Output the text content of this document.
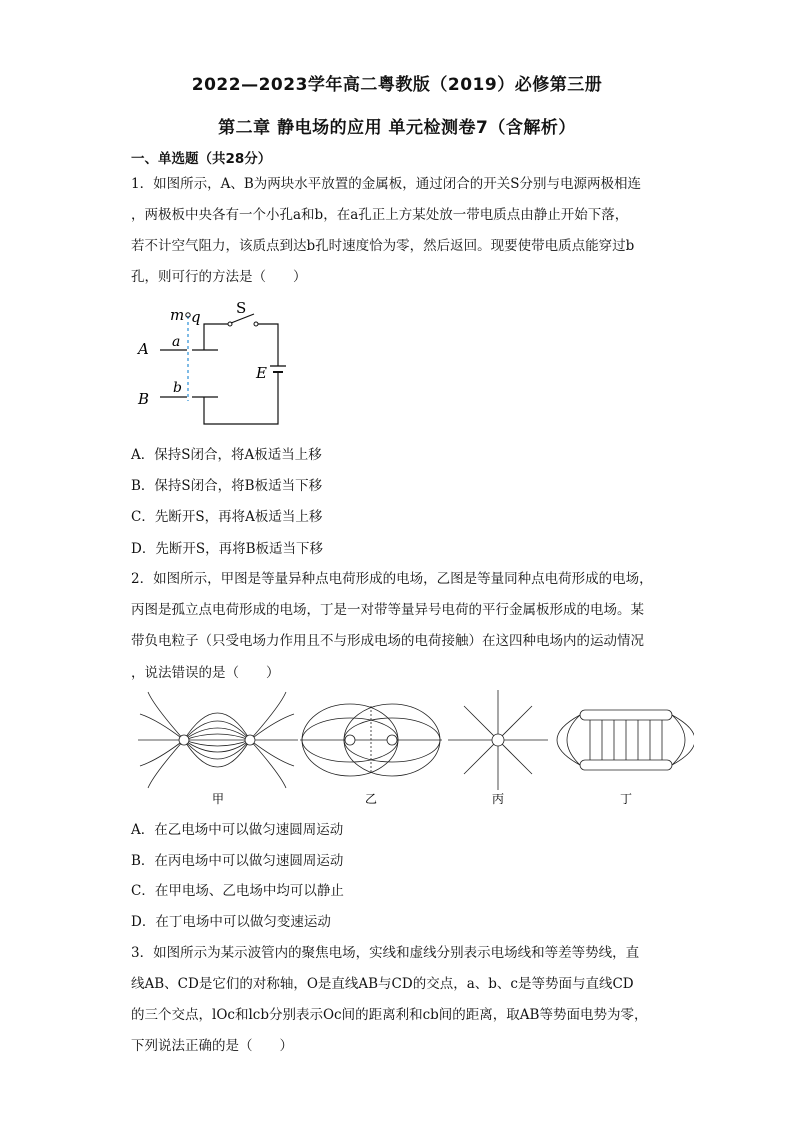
2022—2023学年高二粤教版（2019）必修第三册
第二章 静电场的应用 单元检测卷7（含解析）
一、单选题（共28分）
1．如图所示，A、B为两块水平放置的金属板，通过闭合的开关S分别与电源两极相连
，两极板中央各有一个小孔a和b，在a孔正上方某处放一带电质点由静止开始下落，
若不计空气阻力，该质点到达b孔时速度恰为零，然后返回。现要使带电质点能穿过b
孔，则可行的方法是（　　）
m q
A a
B
b
S
E
A．保持S闭合，将A板适当上移
B．保持S闭合，将B板适当下移
C．先断开S，再将A板适当上移
D．先断开S，再将B板适当下移
2．如图所示，甲图是等量异种点电荷形成的电场，乙图是等量同种点电荷形成的电场，
丙图是孤立点电荷形成的电场，丁是一对带等量异号电荷的平行金属板形成的电场。某
带负电粒子（只受电场力作用且不与形成电场的电荷接触）在这四种电场内的运动情况
，说法错误的是（　　）
甲	乙	丙	丁
A．在乙电场中可以做匀速圆周运动
B．在丙电场中可以做匀速圆周运动
C．在甲电场、乙电场中均可以静止
D．在丁电场中可以做匀变速运动
3．如图所示为某示波管内的聚焦电场，实线和虚线分别表示电场线和等差等势线，直
线AB、CD是它们的对称轴，O是直线AB与CD的交点，a、b、c是等势面与直线CD
的三个交点，lOc和lcb分别表示Oc间的距离利和cb间的距离，取AB等势面电势为零，
下列说法正确的是（　　）
